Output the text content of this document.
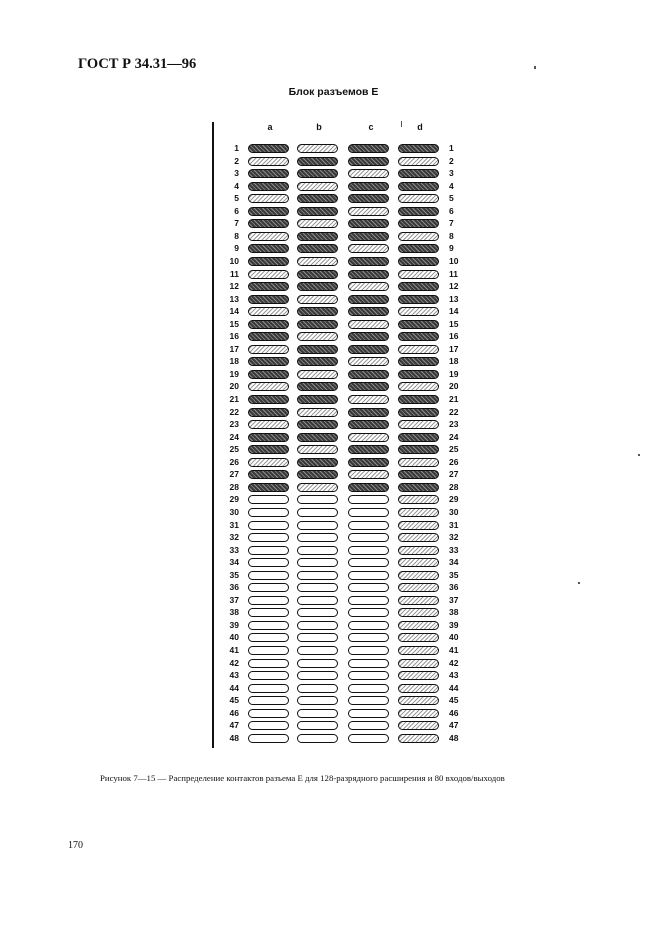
ГОСТ Р 34.31—96
Блок разъемов Е
a	b	c	d
1	1
2	2
3	3
4	4
5	5
6	6
7	7
8	8
9	9
10	10
11	11
12	12
13	13
14	14
15	15
16	16
17	17
18	18
19	19
20	20
21	21
22	22
23	23
24	24
25	25
26	26
27	27
28	28
29	29
30	30
31	31
32	32
33	33
34	34
35	35
36	36
37	37
38	38
39	39
40	40
41	41
42	42
43	43
44	44
45	45
46	46
47	47
48	48
Рисунок 7—15 — Распределение контактов разъема Е для 128-разрядного расширения и 80 входов/выходов
170
